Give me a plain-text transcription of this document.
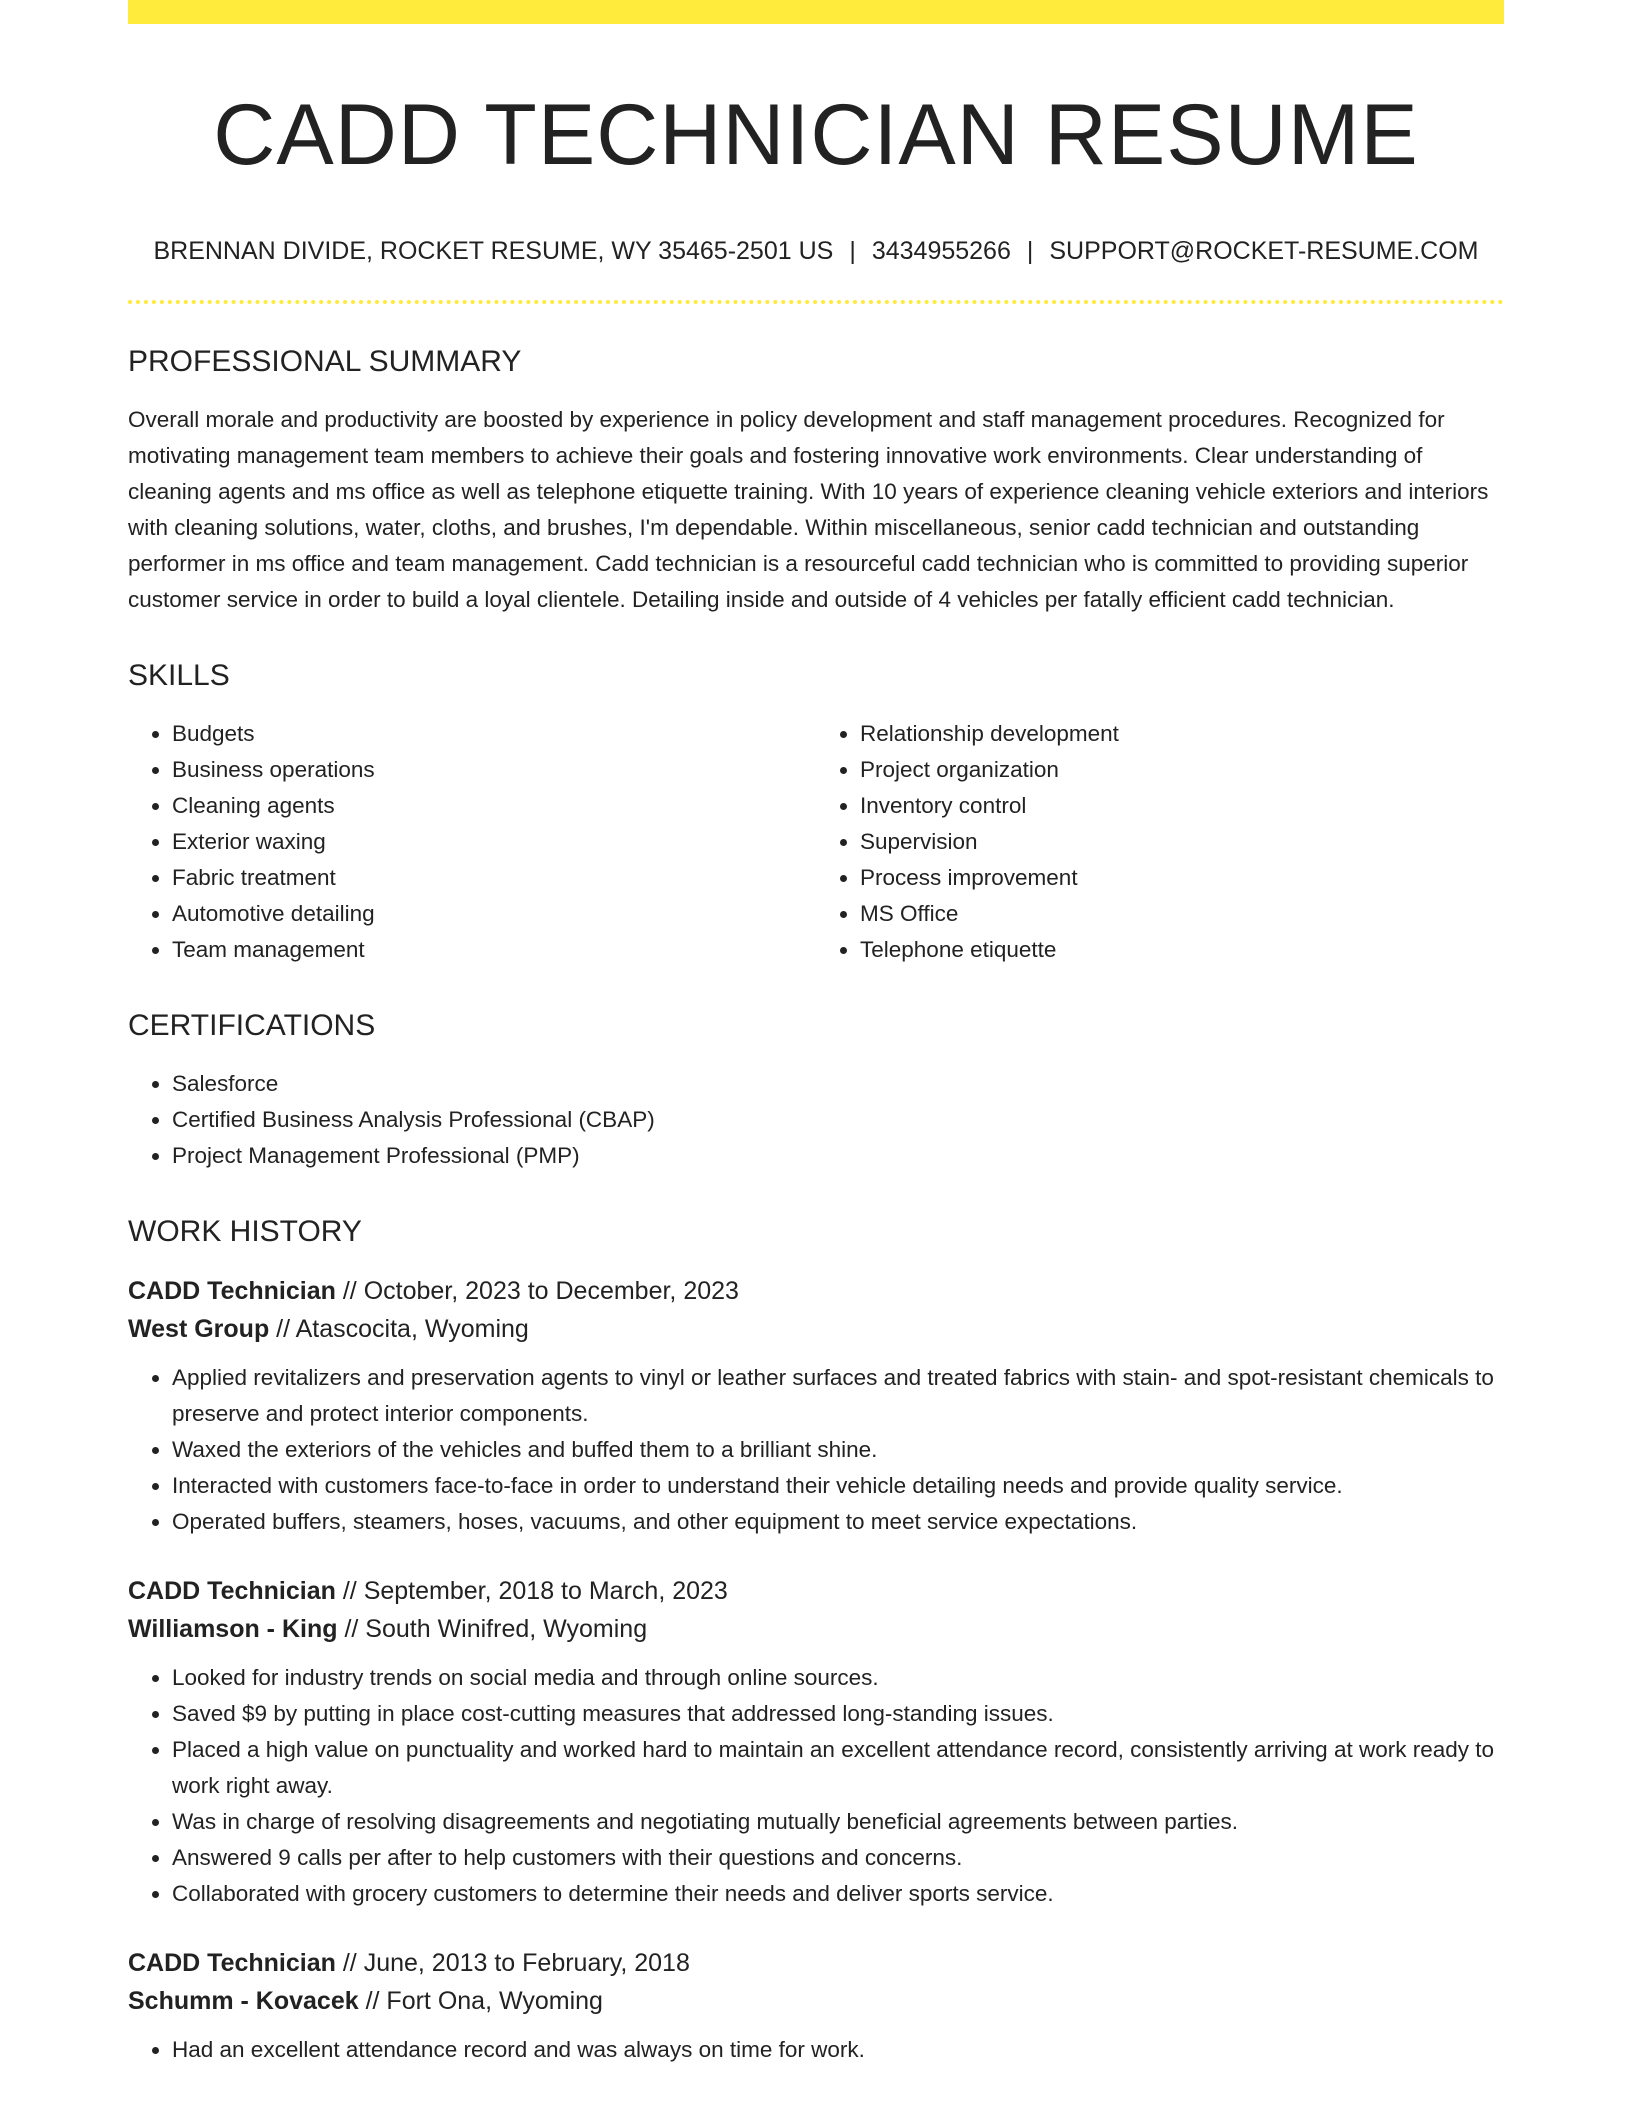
CADD TECHNICIAN RESUME
BRENNAN DIVIDE, ROCKET RESUME, WY 35465-2501 US | 3434955266 | SUPPORT@ROCKET-RESUME.COM
PROFESSIONAL SUMMARY

Overall morale and productivity are boosted by experience in policy development and staff management procedures. Recognized for motivating management team members to achieve their goals and fostering innovative work environments. Clear understanding of cleaning agents and ms office as well as telephone etiquette training. With 10 years of experience cleaning vehicle exteriors and interiors with cleaning solutions, water, cloths, and brushes, I'm dependable. Within miscellaneous, senior cadd technician and outstanding performer in ms office and team management. Cadd technician is a resourceful cadd technician who is committed to providing superior customer service in order to build a loyal clientele. Detailing inside and outside of 4 vehicles per fatally efficient cadd technician.

SKILLS
• Budgets
• Business operations
• Cleaning agents
• Exterior waxing
• Fabric treatment
• Automotive detailing
• Team management
• Relationship development
• Project organization
• Inventory control
• Supervision
• Process improvement
• MS Office
• Telephone etiquette
CERTIFICATIONS
• Salesforce
• Certified Business Analysis Professional (CBAP)
• Project Management Professional (PMP)
WORK HISTORY
CADD Technician // October, 2023 to December, 2023
West Group // Atascocita, Wyoming
• Applied revitalizers and preservation agents to vinyl or leather surfaces and treated fabrics with stain- and spot-resistant chemicals to preserve and protect interior components.
• Waxed the exteriors of the vehicles and buffed them to a brilliant shine.
• Interacted with customers face-to-face in order to understand their vehicle detailing needs and provide quality service.
• Operated buffers, steamers, hoses, vacuums, and other equipment to meet service expectations.
CADD Technician // September, 2018 to March, 2023
Williamson - King // South Winifred, Wyoming
• Looked for industry trends on social media and through online sources.
• Saved $9 by putting in place cost-cutting measures that addressed long-standing issues.
• Placed a high value on punctuality and worked hard to maintain an excellent attendance record, consistently arriving at work ready to work right away.
• Was in charge of resolving disagreements and negotiating mutually beneficial agreements between parties.
• Answered 9 calls per after to help customers with their questions and concerns.
• Collaborated with grocery customers to determine their needs and deliver sports service.
CADD Technician // June, 2013 to February, 2018
Schumm - Kovacek // Fort Ona, Wyoming
• Had an excellent attendance record and was always on time for work.
